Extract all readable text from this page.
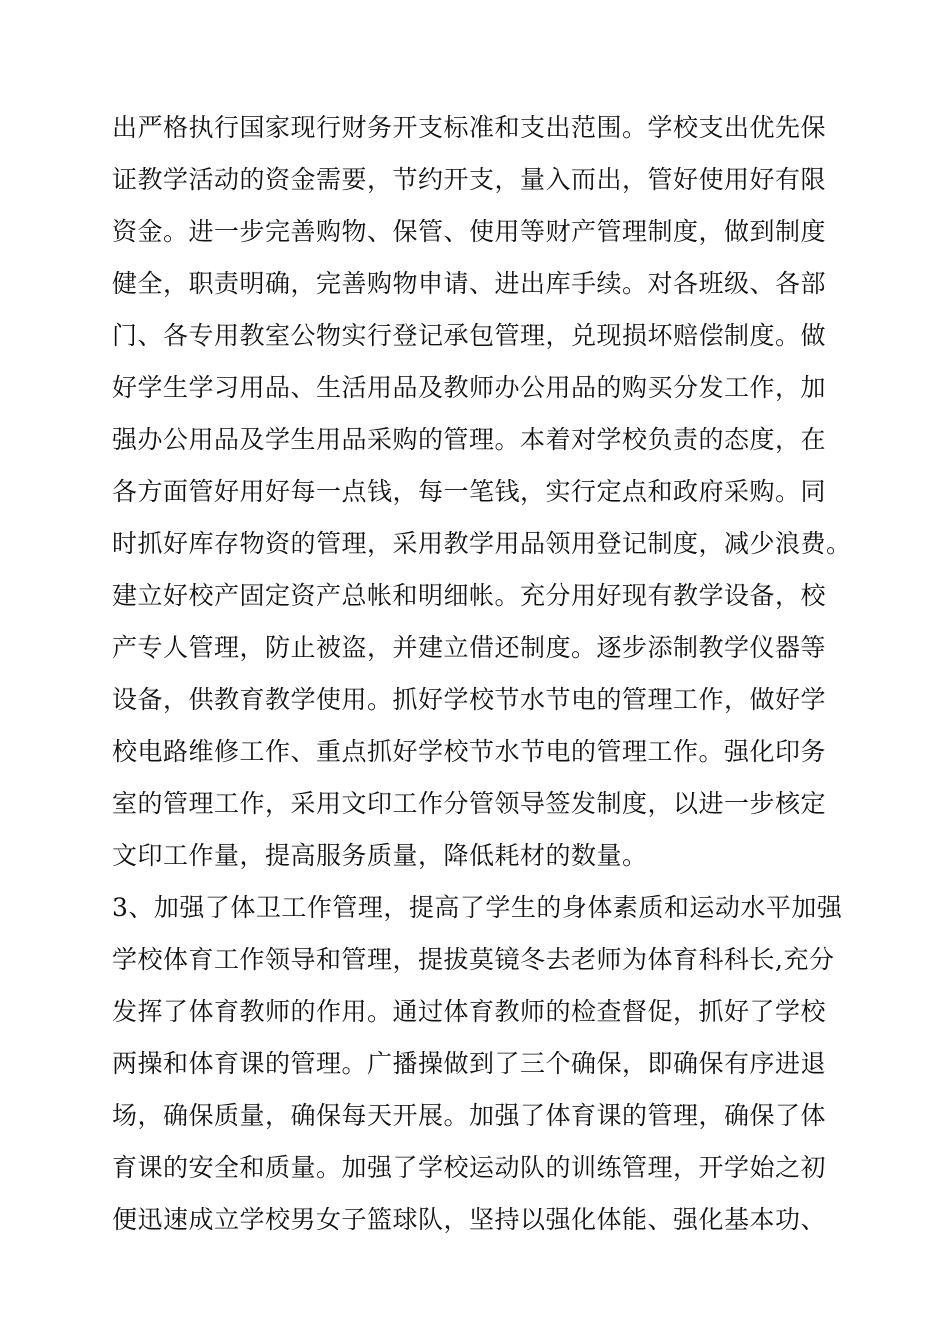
出严格执行国家现行财务开支标准和支出范围。学校支出优先保
证教学活动的资金需要，节约开支，量入而出，管好使用好有限
资金。进一步完善购物、保管、使用等财产管理制度，做到制度
健全，职责明确，完善购物申请、进出库手续。对各班级、各部
门、各专用教室公物实行登记承包管理，兑现损坏赔偿制度。做
好学生学习用品、生活用品及教师办公用品的购买分发工作，加
强办公用品及学生用品采购的管理。本着对学校负责的态度，在
各方面管好用好每一点钱，每一笔钱，实行定点和政府采购。同
时抓好库存物资的管理，采用教学用品领用登记制度，减少浪费。
建立好校产固定资产总帐和明细帐。充分用好现有教学设备，校
产专人管理，防止被盗，并建立借还制度。逐步添制教学仪器等
设备，供教育教学使用。抓好学校节水节电的管理工作，做好学
校电路维修工作、重点抓好学校节水节电的管理工作。强化印务
室的管理工作，采用文印工作分管领导签发制度，以进一步核定
文印工作量，提高服务质量，降低耗材的数量。
3、加强了体卫工作管理，提高了学生的身体素质和运动水平加强
学校体育工作领导和管理，提拔莫镜冬去老师为体育科科长,充分
发挥了体育教师的作用。通过体育教师的检查督促，抓好了学校
两操和体育课的管理。广播操做到了三个确保，即确保有序进退
场，确保质量，确保每天开展。加强了体育课的管理，确保了体
育课的安全和质量。加强了学校运动队的训练管理，开学始之初
便迅速成立学校男女子篮球队，坚持以强化体能、强化基本功、
